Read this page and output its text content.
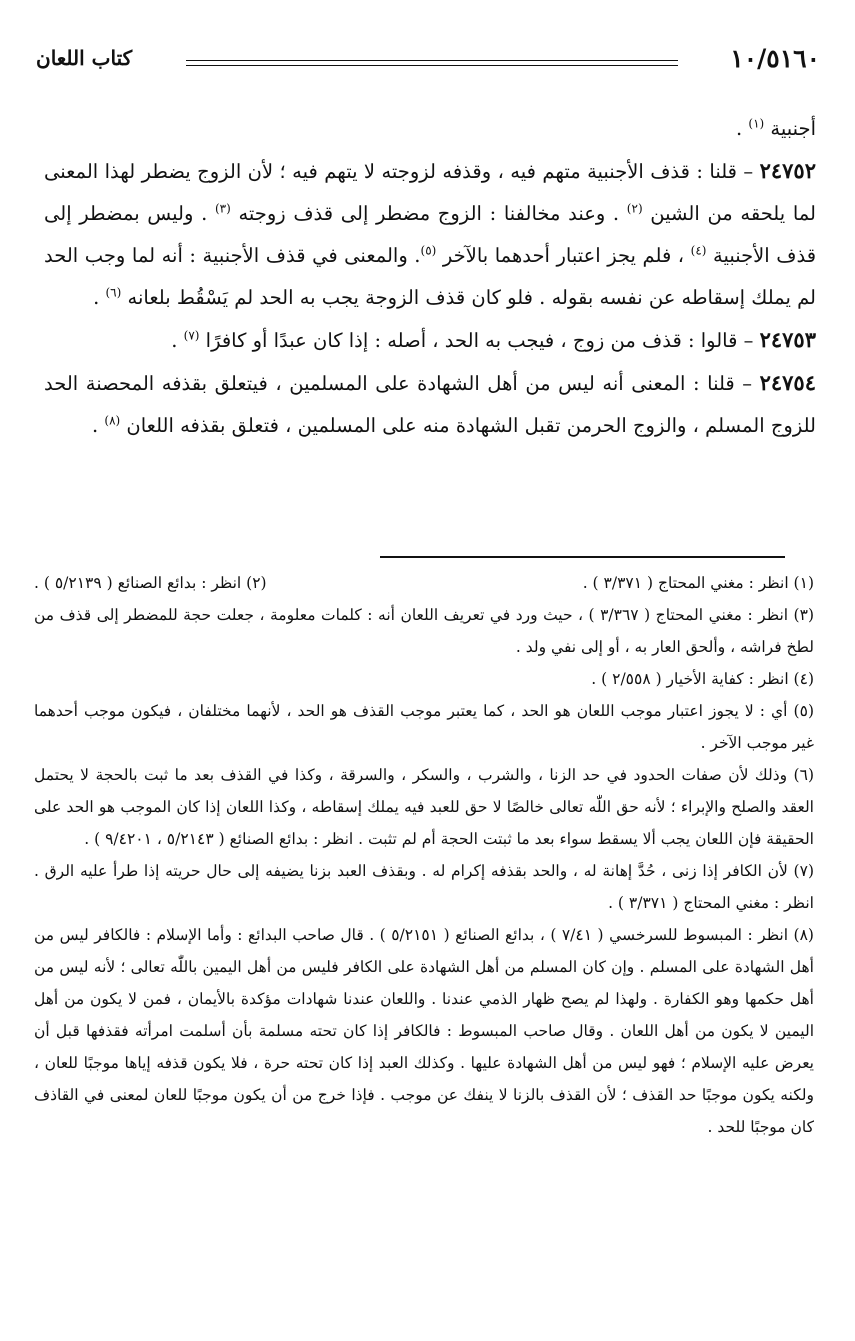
١٠/٥١٦٠
كتاب اللعان

أجنبية $^{(١)}$ .

٢٤٧٥٢ – قلنا : قذف الأجنبية متهم فيه ، وقذفه لزوجته لا يتهم فيه ؛ لأن الزوج يضطر لهذا المعنى لما يلحقه من الشين $^{(٢)}$ . وعند مخالفنا : الزوج مضطر إلى قذف زوجته $^{(٣)}$ . وليس بمضطر إلى قذف الأجنبية $^{(٤)}$ ، فلم يجز اعتبار أحدهما بالآخر $^{(٥)}$. والمعنى في قذف الأجنبية : أنه لما وجب الحد لم يملك إسقاطه عن نفسه بقوله . فلو كان قذف الزوجة يجب به الحد لم يَسْقُط بلعانه $^{(٦)}$ .

٢٤٧٥٣ – قالوا : قذف من زوج ، فيجب به الحد ، أصله : إذا كان عبدًا أو كافرًا $^{(٧)}$ .

٢٤٧٥٤ – قلنا : المعنى أنه ليس من أهل الشهادة على المسلمين ، فيتعلق بقذفه المحصنة الحد للزوج المسلم ، والزوج الحرمن تقبل الشهادة منه على المسلمين ، فتعلق بقذفه اللعان $^{(٨)}$ .

(١) انظر : مغني المحتاج ( ٣/٣٧١ ) .
(٢) انظر : بدائع الصنائع ( ٥/٢١٣٩ ) .

(٣) انظر : مغني المحتاج ( ٣/٣٦٧ ) ، حيث ورد في تعريف اللعان أنه : كلمات معلومة ، جعلت حجة للمضطر إلى قذف من لطخ فراشه ، وألحق العار به ، أو إلى نفي ولد .

(٤) انظر : كفاية الأخيار ( ٢/٥٥٨ ) .

(٥) أي : لا يجوز اعتبار موجب اللعان هو الحد ، كما يعتبر موجب القذف هو الحد ، لأنهما مختلفان ، فيكون موجب أحدهما غير موجب الآخر .

(٦) وذلك لأن صفات الحدود في حد الزنا ، والشرب ، والسكر ، والسرقة ، وكذا في القذف بعد ما ثبت بالحجة لا يحتمل العقد والصلح والإبراء ؛ لأنه حق اللّٰه تعالى خالصًا لا حق للعبد فيه يملك إسقاطه ، وكذا اللعان إذا كان الموجب هو الحد على الحقيقة فإن اللعان يجب ألا يسقط سواء بعد ما ثبتت الحجة أم لم تثبت . انظر : بدائع الصنائع ( ٥/٢١٤٣ ، ٩/٤٢٠١ ) .

(٧) لأن الكافر إذا زنى ، حُدَّ إهانة له ، والحد بقذفه إكرام له . وبقذف العبد بزنا يضيفه إلى حال حريته إذا طرأ عليه الرق . انظر : مغني المحتاج ( ٣/٣٧١ ) .

(٨) انظر : المبسوط للسرخسي ( ٧/٤١ ) ، بدائع الصنائع ( ٥/٢١٥١ ) . قال صاحب البدائع : وأما الإسلام : فالكافر ليس من أهل الشهادة على المسلم . وإن كان المسلم من أهل الشهادة على الكافر فليس من أهل اليمين باللّٰه تعالى ؛ لأنه ليس من أهل حكمها وهو الكفارة . ولهذا لم يصح ظهار الذمي عندنا . واللعان عندنا شهادات مؤكدة بالأيمان ، فمن لا يكون من أهل اليمين لا يكون من أهل اللعان . وقال صاحب المبسوط : فالكافر إذا كان تحته مسلمة بأن أسلمت امرأته فقذفها قبل أن يعرض عليه الإسلام ؛ فهو ليس من أهل الشهادة عليها . وكذلك العبد إذا كان تحته حرة ، فلا يكون قذفه إياها موجبًا للعان ، ولكنه يكون موجبًا حد القذف ؛ لأن القذف بالزنا لا ينفك عن موجب . فإذا خرج من أن يكون موجبًا للعان لمعنى في القاذف كان موجبًا للحد .
